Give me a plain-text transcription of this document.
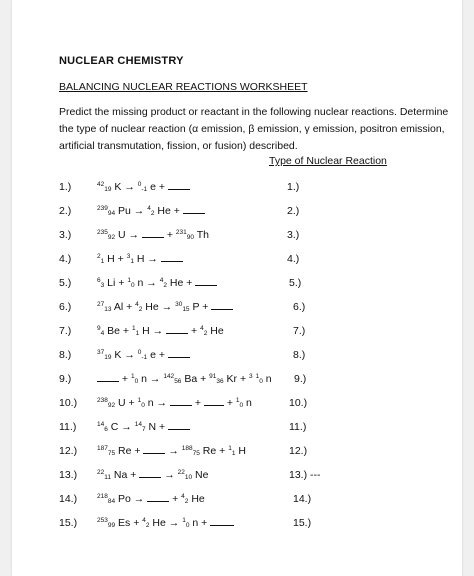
NUCLEAR CHEMISTRY
BALANCING NUCLEAR REACTIONS WORKSHEET
Predict the missing product or reactant in the following nuclear reactions. Determine the type of nuclear reaction (α emission, β emission, γ emission, positron emission, artificial transmutation, fission, or fusion) described.
Type of Nuclear Reaction
1.)	$^{42}_{19}$ K → $^0_{-1}$ e +	1.)
2.)	$^{239}_{94}$ Pu → $^4_2$ He +	2.)
3.)	$^{235}_{92}$ U →  + $^{231}_{90}$ Th	3.)
4.)	$^2_1$ H + $^3_1$ H →	4.)
5.)	$^6_3$ Li + $^1_0$ n → $^4_2$ He +	5.)
6.)	$^{27}_{13}$ Al + $^4_2$ He → $^{30}_{15}$ P +	6.)
7.)	$^9_4$ Be + $^1_1$ H →  + $^4_2$ He	7.)
8.)	$^{37}_{19}$ K → $^0_{-1}$ e +	8.)
9.)	+ $^1_0$ n → $^{142}_{56}$ Ba + $^{91}_{36}$ Kr + $^3$ $^1_0$ n 9.)
10.)	$^{238}_{92}$ U + $^1_0$ n →  +  + $^1_0$ n	10.)
11.)	$^{14}_6$ C → $^{14}_7$ N +	11.)
12.)	$^{187}_{75}$ Re +  → $^{188}_{75}$ Re + $^1_1$ H	12.)
13.)	$^{22}_{11}$ Na +  → $^{22}_{10}$ Ne	13.) ---
14.)	$^{218}_{84}$ Po →  + $^4_2$ He	14.)
15.)	$^{253}_{99}$ Es + $^4_2$ He → $^1_0$ n +	15.)
